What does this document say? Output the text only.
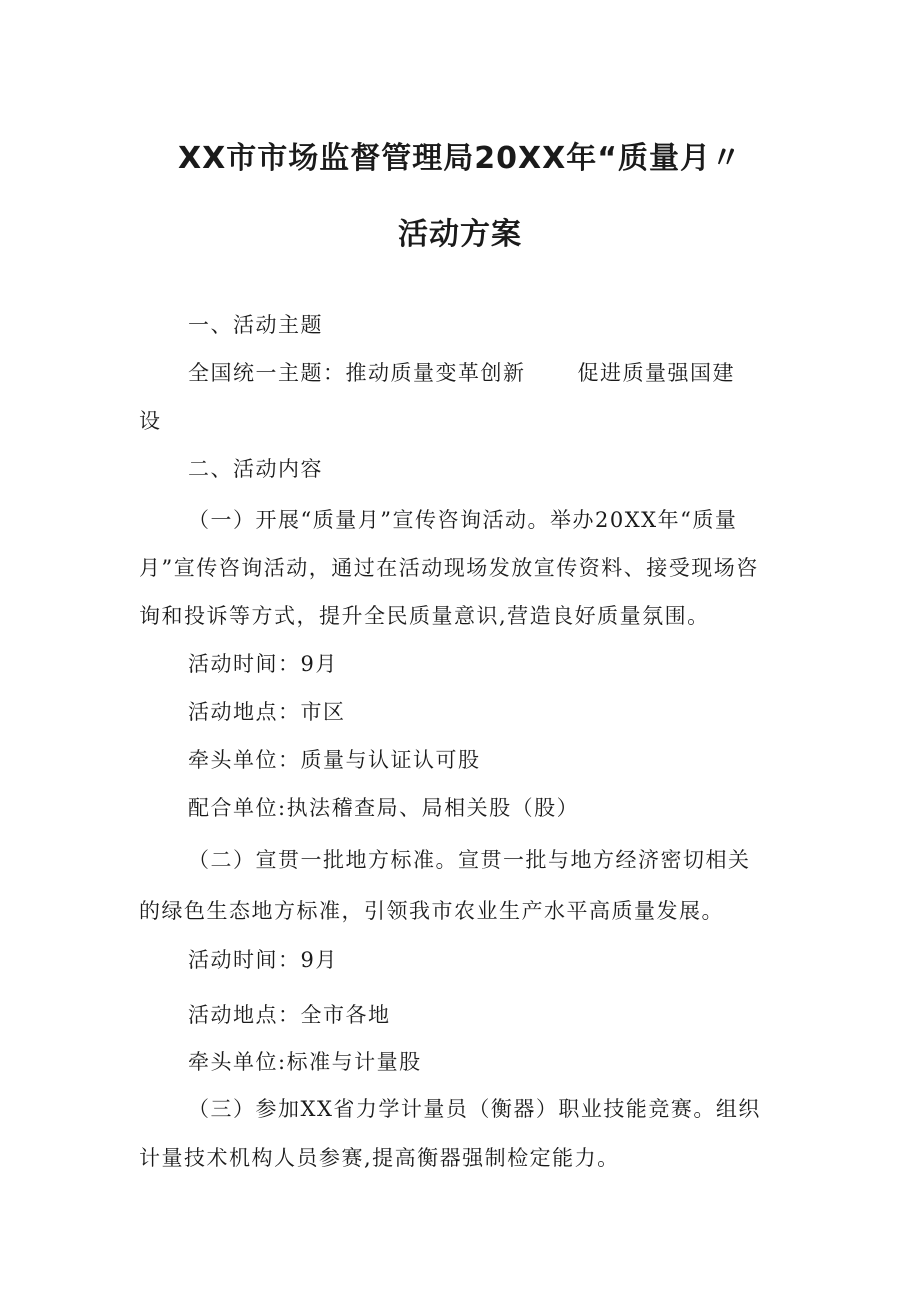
XX市市场监督管理局20XX年“质量月〃
活动方案

一、活动主题

全国统一主题：推动质量变革创新 促进质量强国建

设

二、活动内容

（一）开展“质量月”宣传咨询活动。举办20XX年“质量

月”宣传咨询活动，通过在活动现场发放宣传资料、接受现场咨

询和投诉等方式，提升全民质量意识,营造良好质量氛围。

活动时间：9月

活动地点：市区

牵头单位：质量与认证认可股

配合单位:执法稽查局、局相关股（股）

（二）宣贯一批地方标准。宣贯一批与地方经济密切相关

的绿色生态地方标准，引领我市农业生产水平高质量发展。

活动时间：9月

活动地点：全市各地

牵头单位:标准与计量股

（三）参加XX省力学计量员（衡器）职业技能竞赛。组织

计量技术机构人员参赛,提高衡器强制检定能力。
